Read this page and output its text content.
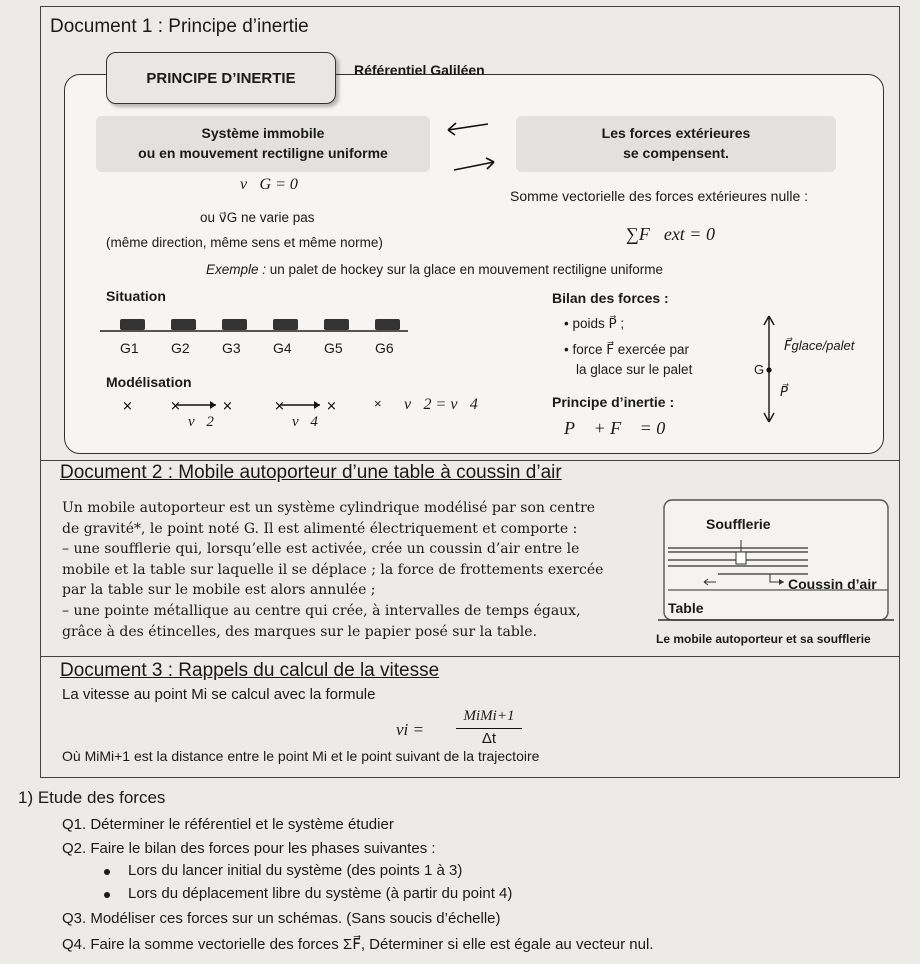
Document 1 : Principe d’inertie
PRINCIPE D’INERTIE	Référentiel Galiléen
Système immobile
ou en mouvement rectiligne uniforme
Les forces extérieures
se compensent.
v⃗G = 0⃗
ou v⃗G ne varie pas
(même direction, même sens et même norme)
Somme vectorielle des forces extérieures nulle :
∑F⃗ext = 0⃗
Exemple : un palet de hockey sur la glace en mouvement rectiligne uniforme
Situation
G1 G2 G3 G4 G5 G6
Modélisation
×	×	×	×	×	×
v⃗2	v⃗4
v⃗2 = v⃗4
Bilan des forces :
• poids P⃗ ;
• force F⃗ exercée par
la glace sur le palet
Principe d’inertie :
P⃗ + F⃗ = 0⃗
F⃗glace/palet
G
P⃗
Document 2 : Mobile autoporteur d’une table à coussin d’air

Un mobile autoporteur est un système cylindrique modélisé par son centre

de gravité*, le point noté G. Il est alimenté électriquement et comporte :

– une soufflerie qui, lorsqu’elle est activée, crée un coussin d’air entre le

mobile et la table sur laquelle il se déplace ; la force de frottements exercée

par la table sur le mobile est alors annulée ;

– une pointe métallique au centre qui crée, à intervalles de temps égaux,

grâce à des étincelles, des marques sur le papier posé sur la table.

Soufflerie
Coussin d’air
Table
Le mobile autoporteur et sa soufflerie
Document 3 : Rappels du calcul de la vitesse
La vitesse au point Mi se calcul avec la formule
vi =
MiMi+1
Δt
Où MiMi+1 est la distance entre le point Mi et le point suivant de la trajectoire
1) Etude des forces
Q1. Déterminer le référentiel et le système étudier
Q2. Faire le bilan des forces pour les phases suivantes :
Lors du lancer initial du système (des points 1 à 3)
Lors du déplacement libre du système (à partir du point 4)
Q3. Modéliser ces forces sur un schémas. (Sans soucis d’échelle)
Q4. Faire la somme vectorielle des forces ΣF⃗, Déterminer si elle est égale au vecteur nul.
